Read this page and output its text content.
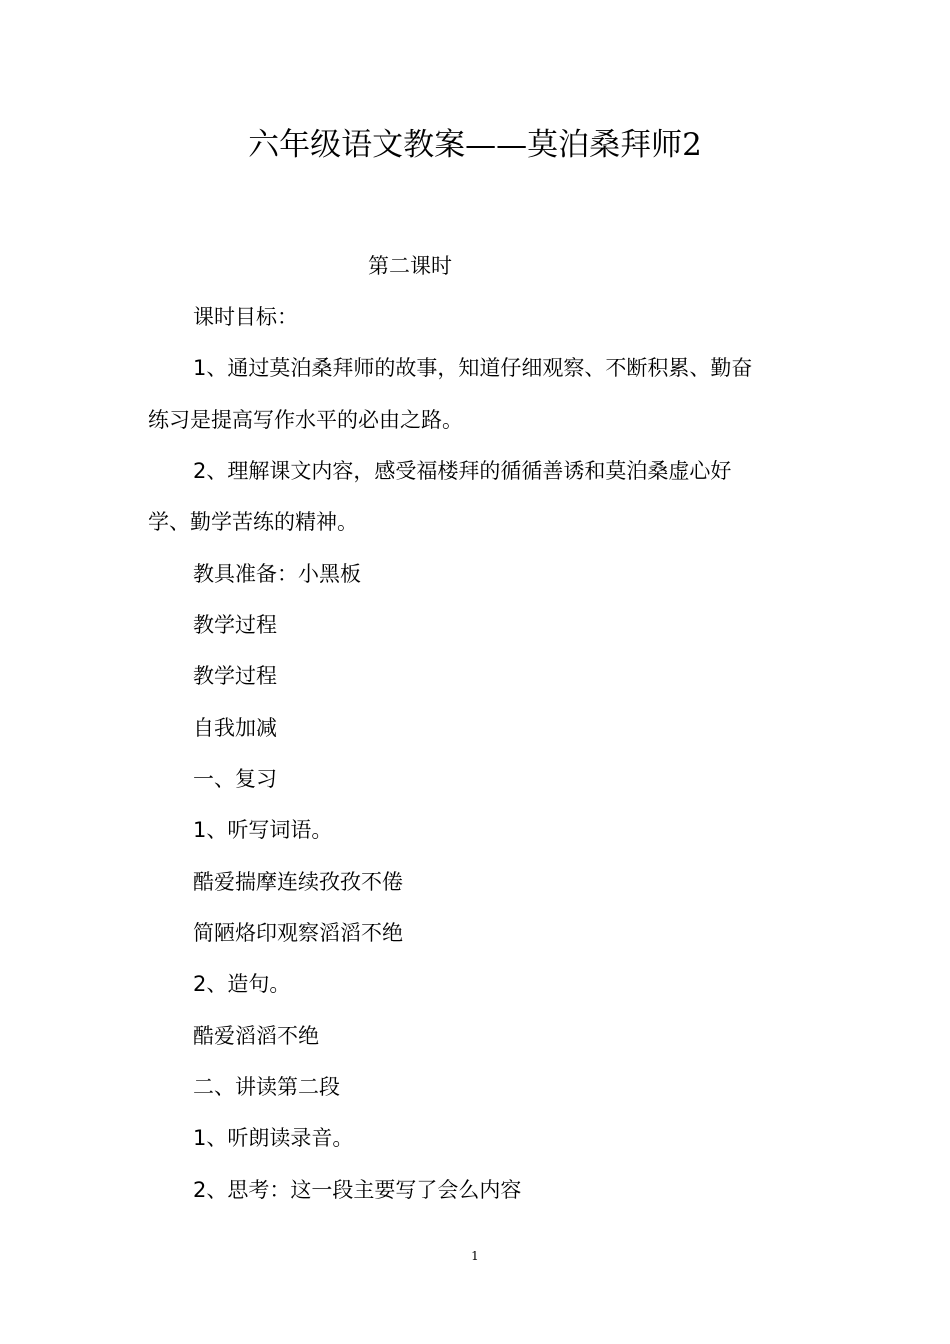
六年级语文教案——莫泊桑拜师2
第二课时
课时目标：
1、通过莫泊桑拜师的故事，知道仔细观察、不断积累、勤奋
练习是提高写作水平的必由之路。
2、理解课文内容，感受福楼拜的循循善诱和莫泊桑虚心好
学、勤学苦练的精神。
教具准备：小黑板
教学过程
教学过程
自我加减
一、复习
1、听写词语。
酷爱揣摩连续孜孜不倦
简陋烙印观察滔滔不绝
2、造句。
酷爱滔滔不绝
二、讲读第二段
1、听朗读录音。
2、思考：这一段主要写了会么内容
1
